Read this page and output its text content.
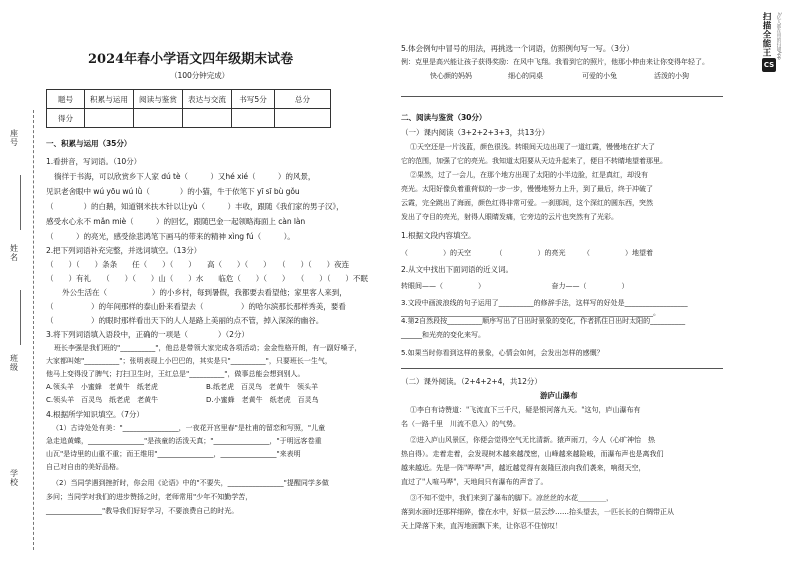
座号
姓名
班级
学校
2024年春小学语文四年级期末试卷
（100分钟完成）
题号	积累与运用	阅读与鉴赏	表达与交流	书写5分	总分
得分					
一、积累与运用（35分）
1.看拼音，写词语。（10分）
徜徉于书海，可以欣赏乡下人家 dú tè（　　　）又hé xié（　　　）的风景，
见识老舍眼中 wú yōu wú lǜ（　　　　）的小猫，牛于依笔下 yī sī bù gǒu
（　　　　）的白鹅，知道钢米扶木针以让yù（　　　）丰收，跟随《我们家的男子汉》，
感受水心永不 mǎn miè（　　　）的回忆，跟随巴金一起领略海面上 càn làn
（　　　）的亮光，感受徐悲鸿笔下画马的带来的精神 xìng fú（　　　）。
2.把下列词语补充完整，并选词填空。（13分）
（　　）（　　）条条　　任（　　）（　　）　　高（　　）（　　）　　（　　）（　　）夜连
（　　）有礼　　（　　）（　　）山（　　）水　　临危（　　）（　　）　　（　　）（　　）不眠
外公生活在（　　　　　　）的小乡村，每到暑假，我都要去看望他；家里客人来到，
（　　　　　）的年间那样的泰山卧来看望去（　　　　　）的哈尔滨那长那样秀美，要看
（　　　　　）的眼时那样看出天下的人人是路上美丽的点不管，掉入深深的幽谷。
3.将下列词语填入语段中，正确的一项是（　　　　）（2分）
班长李强是我们班的"__________"，他总是带领大家完成各项活动；金金性格开朗，有一副好嗓子，
大家都叫她"__________"；张明表现上小巴巴的，其实是只"__________"，只要班长一生气，
他马上变得没了脾气；打扫卫生时，王红总是"__________"，做事总能会想到别人。
A.领头羊　小蜜蜂　老黄牛　纸老虎	B.纸老虎　百灵鸟　老黄牛　领头羊
C.领头羊　百灵鸟　纸老虎　老黄牛	D.小蜜蜂　老黄牛　纸老虎　百灵鸟
4.根据所学知识填空。（7分）
（1）古诗处处有美："________________，一夜花开宫里春"是杜甫的留恋和写照，"儿童
急走追黄蝶，________________"是孩童的活泼天真；"________________，"于明远客卷重
山瓦"是诗里的山重不重；而王维用"________________，________________"来表明
自己对自由的美好品格。
（2）当同学遇到挫折时，你会用《论语》中的"不要失，________________"提醒同学多做
多问；当同学对我们的进步赞扬之时，老师常用"少年不知勤学苦，
________________"教导我们好好学习，不要浪费自己的时光。
5.体会例句中冒号的用法，再挑选一个词语，仿照例句写一写。（3分）
例：克里是高兴能让孩子获得奖励：在风中飞翔。我看到它的照片，他那小伸由来让你变得年轻了。
快心颜的妈妈	细心的同桌	可爱的小兔	活泼的小狗
二、阅读与鉴赏（30分）
（一）课内阅读（3+2+2+3+3，共13分）
①天空还是一片浅蓝，颜色很浅。转眼间天边出现了一道红霞，慢慢地在扩大了
它的范围，加强了它的亮光。我知道太阳要从天边升起来了，便目不转睛地望着那里。
②果然，过了一会儿，在那个地方出现了太阳的小半边脸，红是真红，却没有
亮光。太阳好像负着重荷似的一步一步，慢慢地努力上升，到了最后，终于冲破了
云霞，完全跳出了海面，颜色红得非常可爱。一刹那间，这个深红的圆东西，突然
发出了夺目的亮光，射得人眼睛发痛，它旁边的云片也突然有了光彩。
1.根据文段内容填空。
（　　　　　）的天空　　　　（　　　　　）的亮光　　　（　　　　　）地望着
2.从文中找出下面词语的近义词。
转眼间——（　　　　　）　　　　　　　　　　奋力——（　　　　　）
3.文段中画波浪线的句子运用了__________的修辞手法，这样写的好处是__________________
________________________________________________________________________。
4.第2自然段按__________顺序写出了日出时景象的变化，作者抓住日出时太阳的__________
______和光亮的变化来写。
5.如果当时你看到这样的景象，心情会如何，会发出怎样的感慨？
（二）课外阅读。（2+4+2+4，共12分）
游庐山瀑布
①李白有诗赞道："飞流直下三千尺，疑是银河落九天。"这句，庐山瀑布有
名（一路千里　川流不息入）的气势。
②进入庐山风景区，你便会觉得空气无比清新。猿声雨刀，今人（心旷神怡　热
热自得）。走着走着，会发现树木越来越茂密，山峰越来越险峻，而瀑布声也是离我们
越来越近。先是一阵"哗哗"声，越近越觉得有轰隆巨浪向我们袭来，响彻天空，
直过了"人喧马哗"，天地间只有瀑布的声音了。
③不知不觉中，我们来到了瀑布的脚下。凉丝丝的水花________，
落到水面时还那样细碎，像在水中，好似一层云纱……抬头望去，一匹长长的白绸带正从
天上降落下来，直泻地面飘下来，让你忍不住惊叹！
扫描全能王 3亿人都在用的扫描App
CS
